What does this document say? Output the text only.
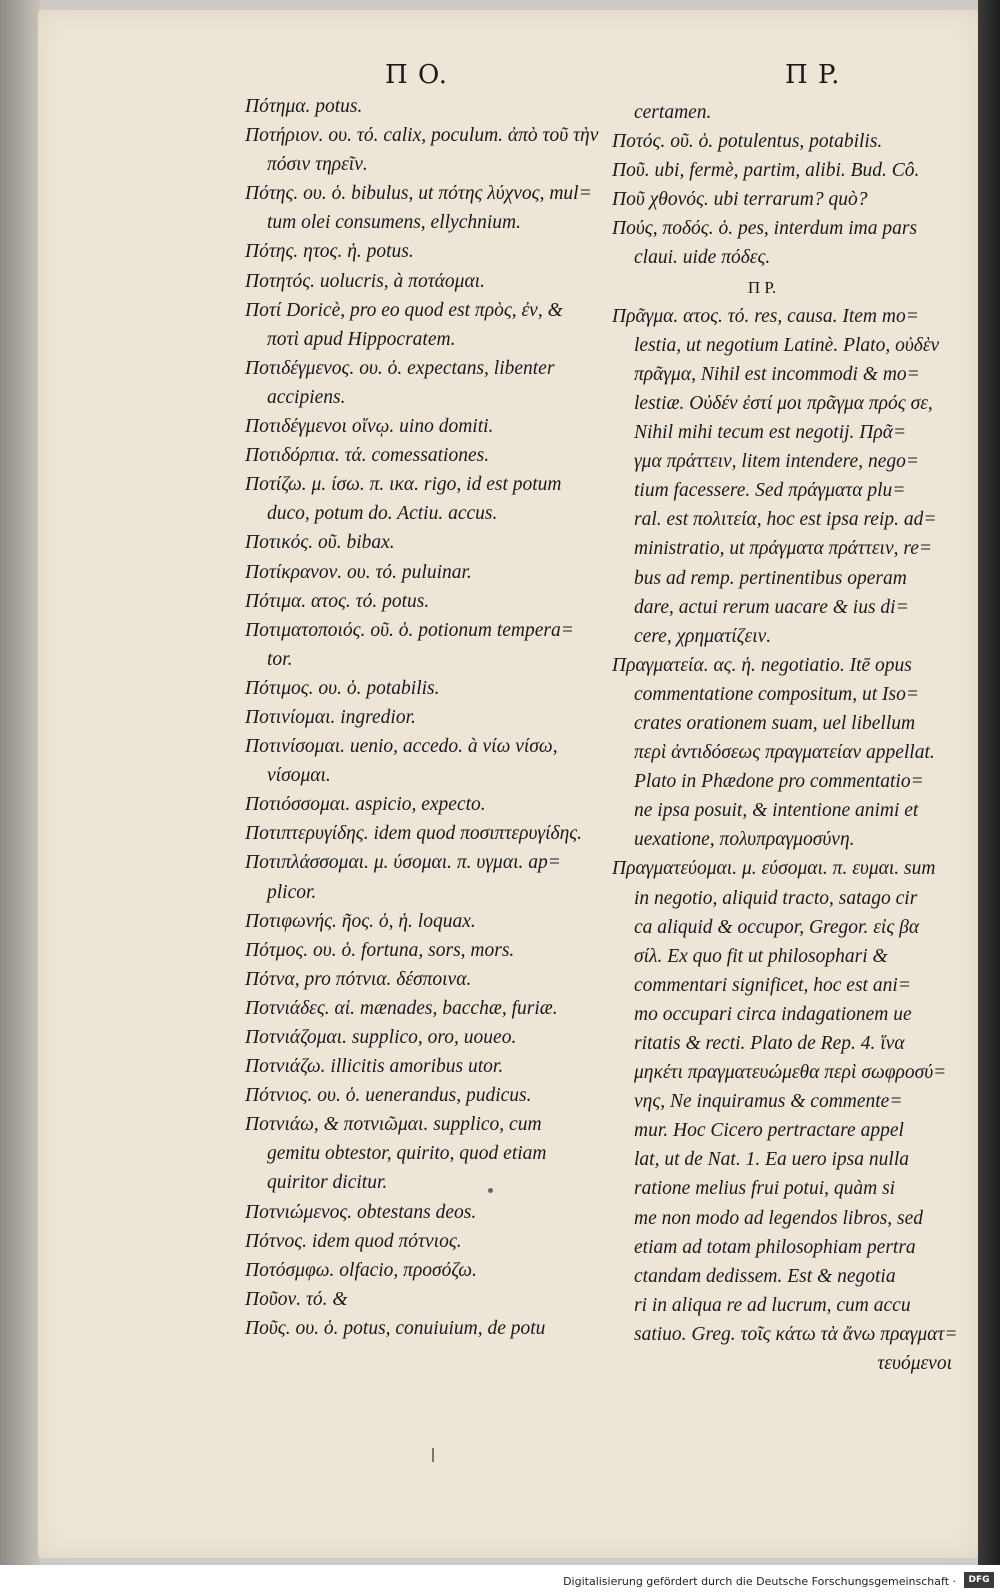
Π O.	Π P.
Πότημα. potus.
Ποτήριον. ου. τό. calix, poculum. ἀπὸ τοῦ τὴν
πόσιν τηρεῖν.
Πότης. ου. ὁ. bibulus, ut πότης λύχνος, mul=
tum olei consumens, ellychnium.
Πότης. ητος. ἡ. potus.
Ποτητός. uolucris, à ποτάομαι.
Ποτί Doricè, pro eo quod est πρὸς, ἐν, &
ποτὶ apud Hippocratem.
Ποτιδέγμενος. ου. ὁ. expectans, libenter
accipiens.
Ποτιδέγμενοι οἴνῳ. uino domiti.
Ποτιδόρπια. τά. comessationes.
Ποτίζω. μ. ίσω. π. ικα. rigo, id est potum
duco, potum do. Actiu. accus.
Ποτικός. οῦ. bibax.
Ποτίκρανον. ου. τό. puluinar.
Πότιμα. ατος. τό. potus.
Ποτιματοποιός. οῦ. ὁ. potionum tempera=
tor.
Πότιμος. ου. ὁ. potabilis.
Ποτινίομαι. ingredior.
Ποτινίσομαι. uenio, accedo. à νίω νίσω,
νίσομαι.
Ποτιόσσομαι. aspicio, expecto.
Ποτιπτερυγίδης. idem quod ποσιπτερυγίδης.
Ποτιπλάσσομαι. μ. ύσομαι. π. υγμαι. ap=
plicor.
Ποτιφωνής. ῆος. ὁ, ἡ. loquax.
Πότμος. ου. ὁ. fortuna, sors, mors.
Πότνα, pro πότνια. δέσποινα.
Ποτνιάδες. αἱ. mænades, bacchæ, furiæ.
Ποτνιάζομαι. supplico, oro, uoueo.
Ποτνιάζω. illicitis amoribus utor.
Πότνιος. ου. ὁ. uenerandus, pudicus.
Ποτνιάω, & ποτνιῶμαι. supplico, cum
gemitu obtestor, quirito, quod etiam
quiritor dicitur.
Ποτνιώμενος. obtestans deos.
Πότνος. idem quod πότνιος.
Ποτόσμφω. olfacio, προσόζω.
Ποῦον. τό. &
Ποῦς. ου. ὁ. potus, conuiuium, de potu
certamen.
Ποτός. οῦ. ὁ. potulentus, potabilis.
Ποῦ. ubi, fermè, partim, alibi. Bud. Cô.
Ποῦ χθονός. ubi terrarum? quò?
Πούς, ποδός. ὁ. pes, interdum ima pars
claui. uide πόδες.
Π P.
Πρᾶγμα. ατος. τό. res, causa. Item mo=
lestia, ut negotium Latinè. Plato, οὐδὲν
πρᾶγμα, Nihil est incommodi & mo=
lestiæ. Οὐδέν ἐστί μοι πρᾶγμα πρός σε,
Nihil mihi tecum est negotij. Πρᾶ=
γμα πράττειν, litem intendere, nego=
tium facessere. Sed πράγματα plu=
ral. est πολιτεία, hoc est ipsa reip. ad=
ministratio, ut πράγματα πράττειν, re=
bus ad remp. pertinentibus operam
dare, actui rerum uacare & ius di=
cere, χρηματίζειν.
Πραγματεία. ας. ἡ. negotiatio. Itē opus
commentatione compositum, ut Iso=
crates orationem suam, uel libellum
περὶ ἀντιδόσεως πραγματείαν appellat.
Plato in Phædone pro commentatio=
ne ipsa posuit, & intentione animi et
uexatione, πολυπραγμοσύνη.
Πραγματεύομαι. μ. εύσομαι. π. ευμαι. sum
in negotio, aliquid tracto, satago cir
ca aliquid & occupor, Gregor. εἰς βα
σίλ. Ex quo fit ut philosophari &
commentari significet, hoc est ani=
mo occupari circa indagationem ue
ritatis & recti. Plato de Rep. 4. ἵνα
μηκέτι πραγματευώμεθα περὶ σωφροσύ=
νης, Ne inquiramus & commente=
mur. Hoc Cicero pertractare appel
lat, ut de Nat. 1. Ea uero ipsa nulla
ratione melius frui potui, quàm si
me non modo ad legendos libros, sed
etiam ad totam philosophiam pertra
ctandam dedissem. Est & negotia
ri in aliqua re ad lucrum, cum accu
satiuo. Greg. τοῖς κάτω τὰ ἄνω πραγματ=
τευόμενοι
Digitalisierung gefördert durch die Deutsche Forschungsgemeinschaft ·	DFG
